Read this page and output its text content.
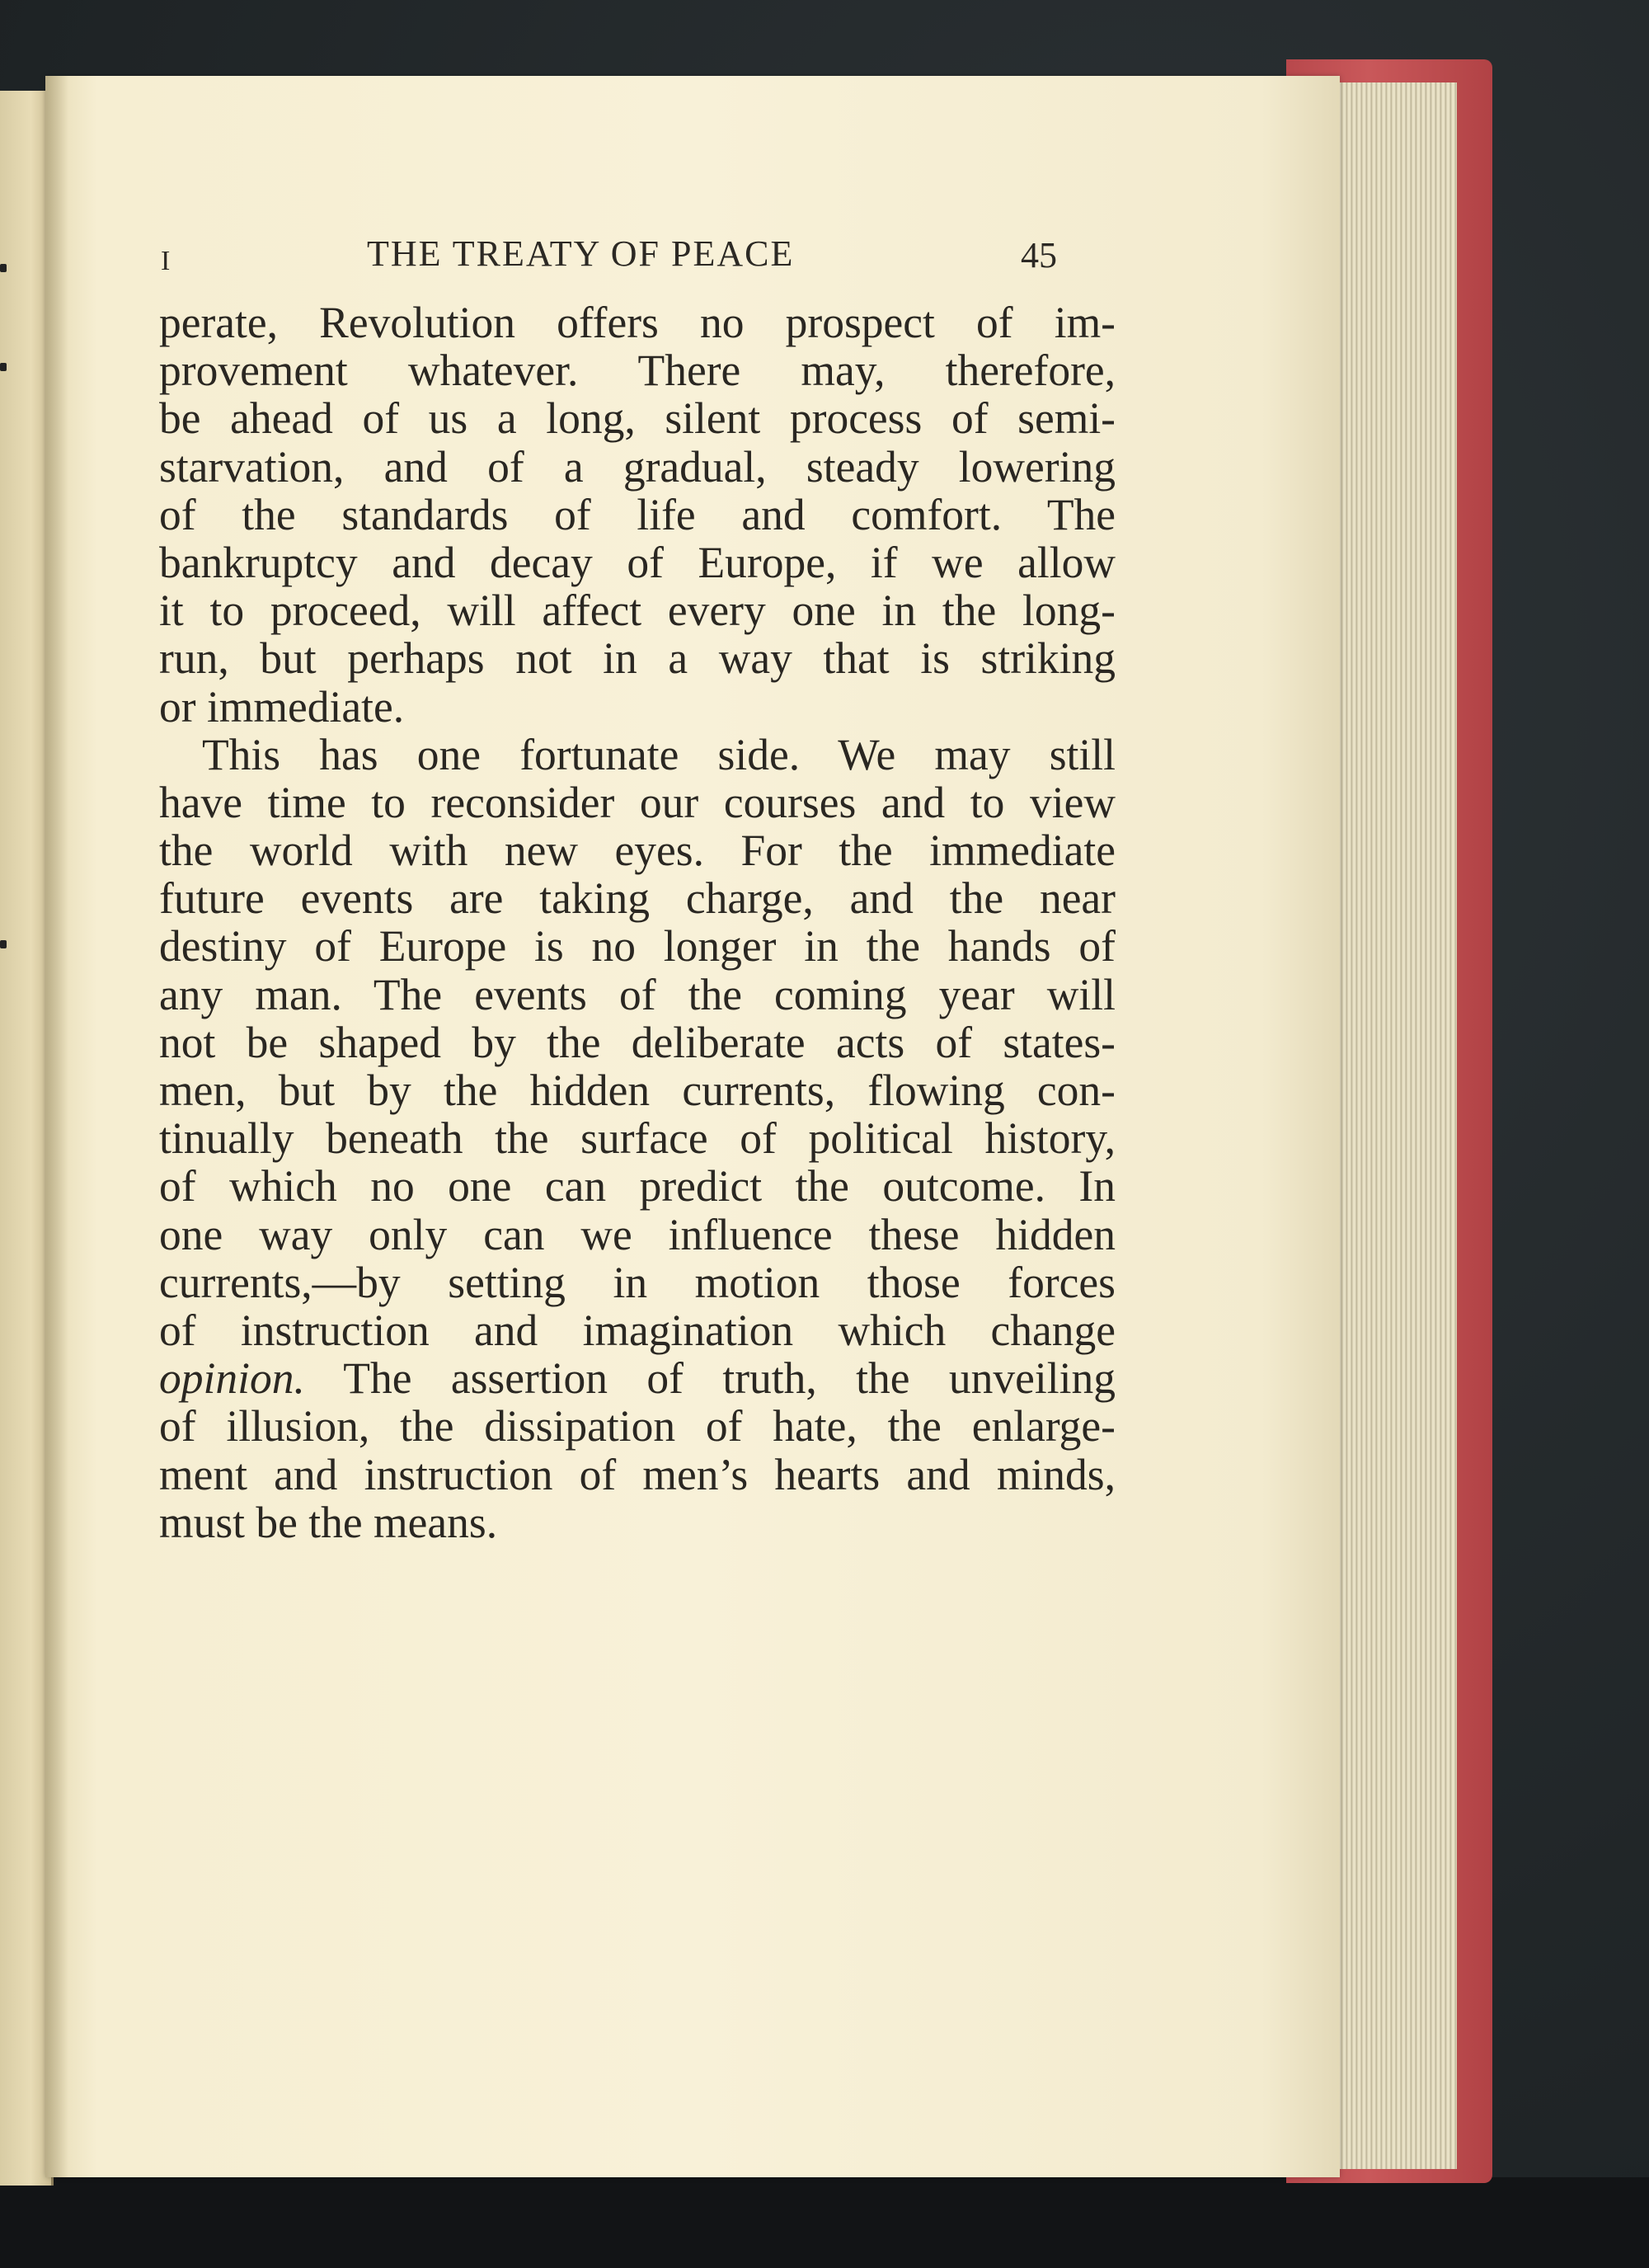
I	THE TREATY OF PEACE	45
perate, Revolution offers no prospect of im-
provement whatever. There may, therefore,
be ahead of us a long, silent process of semi-
starvation, and of a gradual, steady lowering
of the standards of life and comfort. The
bankruptcy and decay of Europe, if we allow
it to proceed, will affect every one in the long-
run, but perhaps not in a way that is striking
or immediate.
This has one fortunate side. We may still
have time to reconsider our courses and to view
the world with new eyes. For the immediate
future events are taking charge, and the near
destiny of Europe is no longer in the hands of
any man. The events of the coming year will
not be shaped by the deliberate acts of states-
men, but by the hidden currents, flowing con-
tinually beneath the surface of political history,
of which no one can predict the outcome. In
one way only can we influence these hidden
currents,—by setting in motion those forces
of instruction and imagination which change
opinion. The assertion of truth, the unveiling
of illusion, the dissipation of hate, the enlarge-
ment and instruction of men’s hearts and minds,
must be the means.
